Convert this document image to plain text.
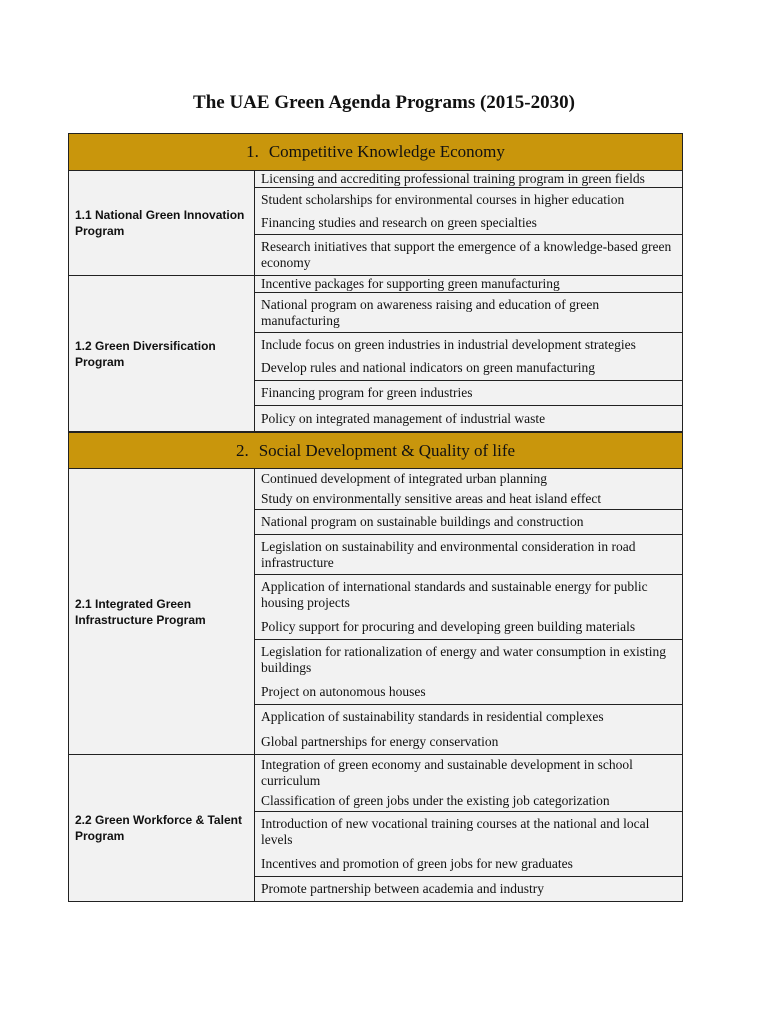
The UAE Green Agenda Programs (2015-2030)
1. Competitive Knowledge Economy
1.1 National Green Innovation Program
Licensing and accrediting professional training program in green fields
Student scholarships for environmental courses in higher education
Financing studies and research on green specialties
Research initiatives that support the emergence of a knowledge-based green economy
1.2 Green Diversification Program
Incentive packages for supporting green manufacturing
National program on awareness raising and education of green manufacturing
Include focus on green industries in industrial development strategies
Develop rules and national indicators on green manufacturing
Financing program for green industries
Policy on integrated management of industrial waste
2. Social Development & Quality of life
2.1 Integrated Green Infrastructure Program
Continued development of integrated urban planning
Study on environmentally sensitive areas and heat island effect
National program on sustainable buildings and construction
Legislation on sustainability and environmental consideration in road infrastructure
Application of international standards and sustainable energy for public housing projects
Policy support for procuring and developing green building materials
Legislation for rationalization of energy and water consumption in existing buildings
Project on autonomous houses
Application of sustainability standards in residential complexes
Global partnerships for energy conservation
2.2 Green Workforce & Talent Program
Integration of green economy and sustainable development in school curriculum
Classification of green jobs under the existing job categorization
Introduction of new vocational training courses at the national and local levels
Incentives and promotion of green jobs for new graduates
Promote partnership between academia and industry
